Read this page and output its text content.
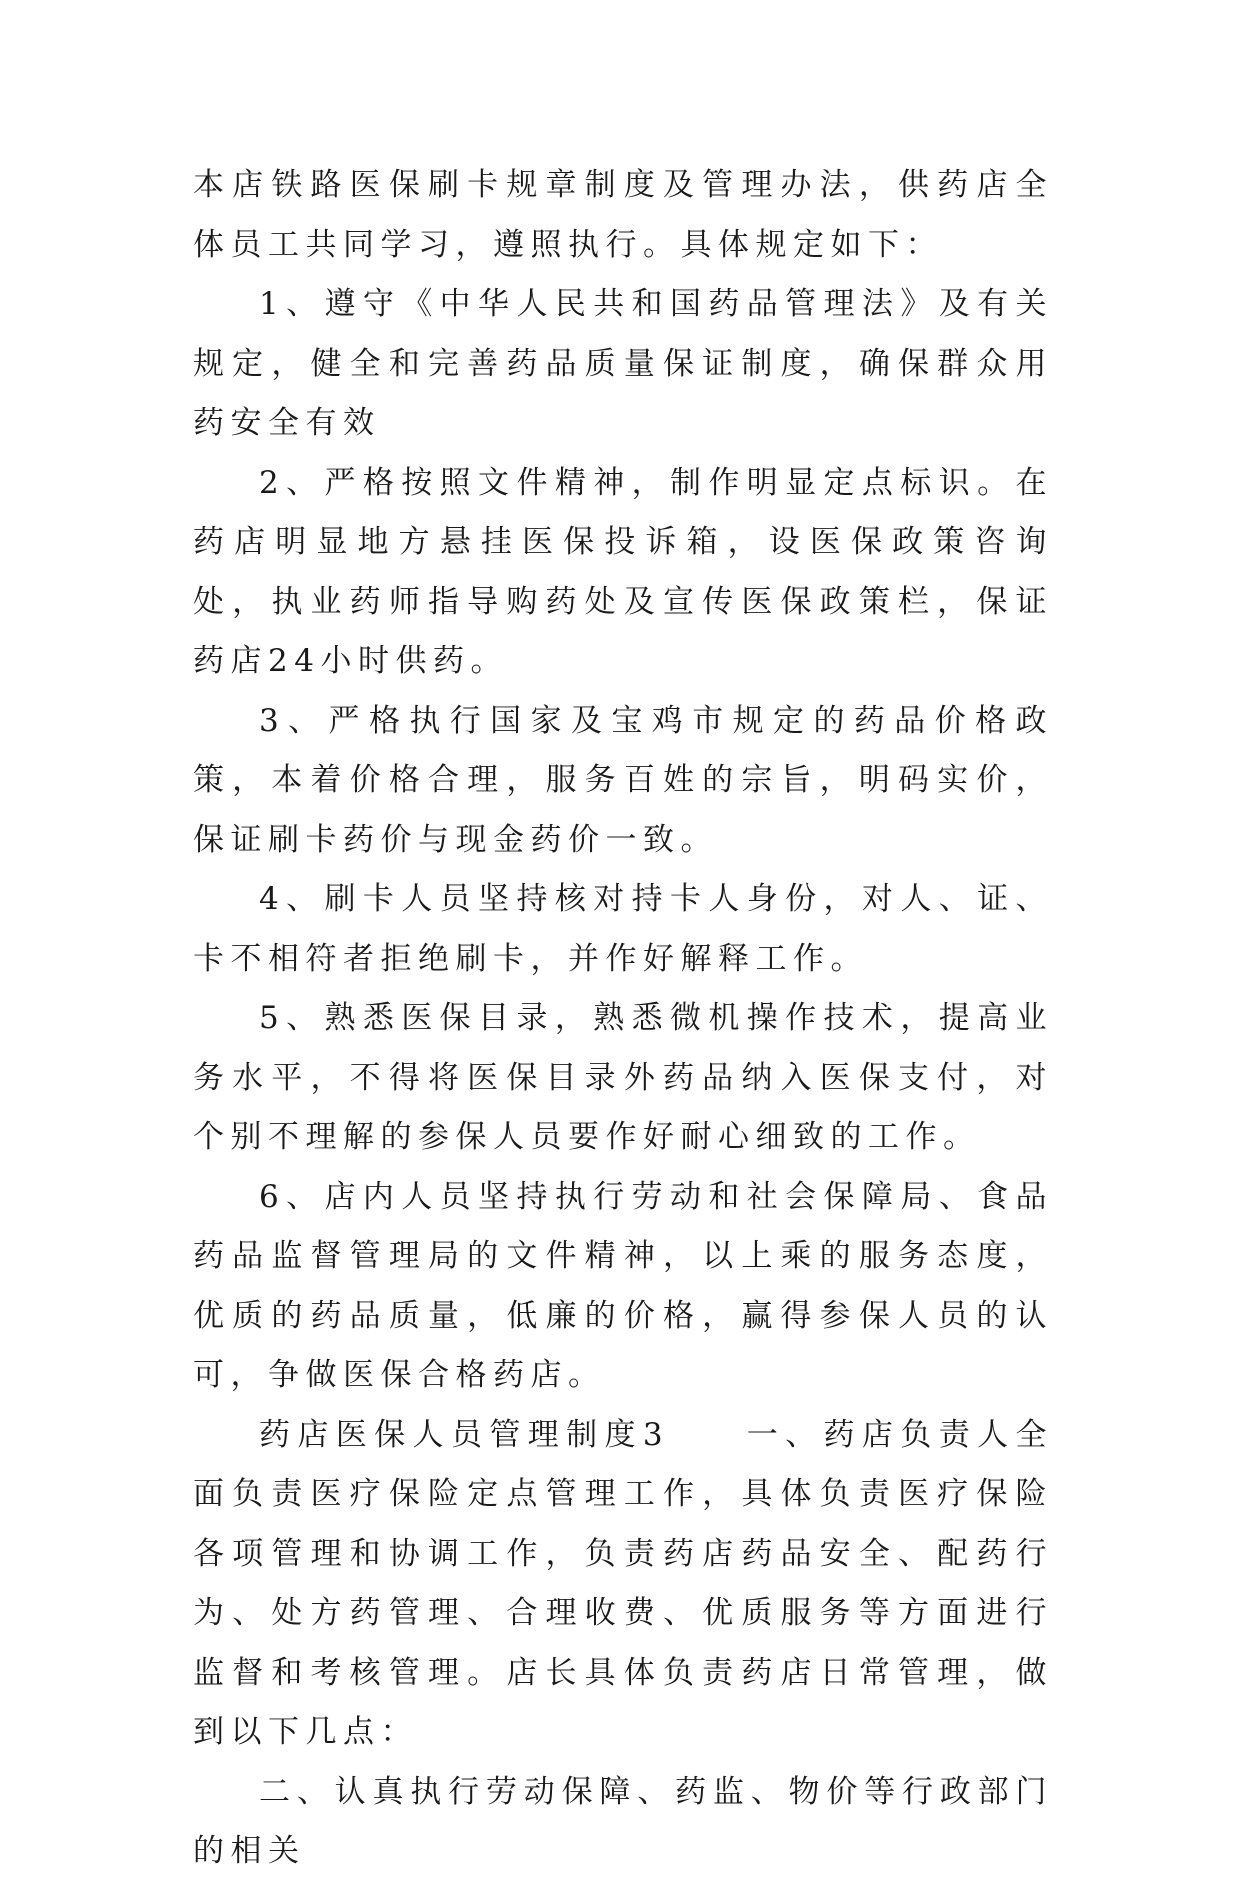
本店铁路医保刷卡规章制度及管理办法，供药店全体员工共同学习，遵照执行。具体规定如下：

1、遵守《中华人民共和国药品管理法》及有关规定，健全和完善药品质量保证制度，确保群众用药安全有效

2、严格按照文件精神，制作明显定点标识。在药店明显地方悬挂医保投诉箱，设医保政策咨询处，执业药师指导购药处及宣传医保政策栏，保证药店24小时供药。

3、严格执行国家及宝鸡市规定的药品价格政策，本着价格合理，服务百姓的宗旨，明码实价，保证刷卡药价与现金药价一致。

4、刷卡人员坚持核对持卡人身份，对人、证、卡不相符者拒绝刷卡，并作好解释工作。

5、熟悉医保目录，熟悉微机操作技术，提高业务水平，不得将医保目录外药品纳入医保支付，对个别不理解的参保人员要作好耐心细致的工作。

6、店内人员坚持执行劳动和社会保障局、食品药品监督管理局的文件精神，以上乘的服务态度，优质的药品质量，低廉的价格，赢得参保人员的认可，争做医保合格药店。

药店医保人员管理制度3　　一、药店负责人全面负责医疗保险定点管理工作，具体负责医疗保险各项管理和协调工作，负责药店药品安全、配药行为、处方药管理、合理收费、优质服务等方面进行监督和考核管理。店长具体负责药店日常管理，做到以下几点：

二、认真执行劳动保障、药监、物价等行政部门的相关
